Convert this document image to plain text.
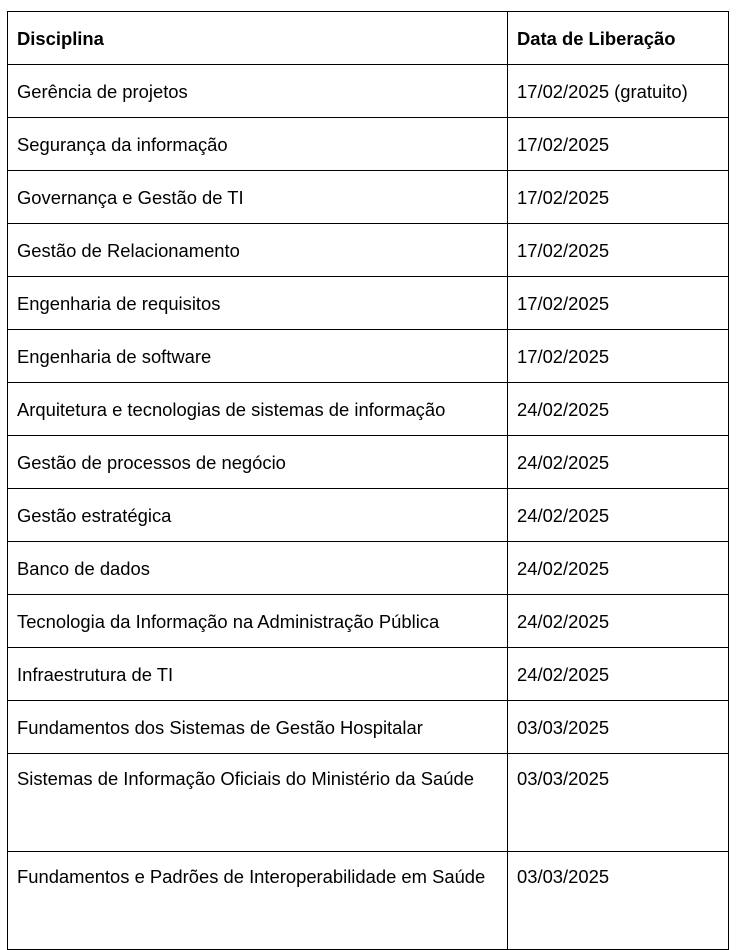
Disciplina	Data de Liberação
Gerência de projetos	17/02/2025 (gratuito)
Segurança da informação	17/02/2025
Governança e Gestão de TI	17/02/2025
Gestão de Relacionamento	17/02/2025
Engenharia de requisitos	17/02/2025
Engenharia de software	17/02/2025
Arquitetura e tecnologias de sistemas de informação	24/02/2025
Gestão de processos de negócio	24/02/2025
Gestão estratégica	24/02/2025
Banco de dados	24/02/2025
Tecnologia da Informação na Administração Pública	24/02/2025
Infraestrutura de TI	24/02/2025
Fundamentos dos Sistemas de Gestão Hospitalar	03/03/2025
Sistemas de Informação Oficiais do Ministério da Saúde	03/03/2025
Fundamentos e Padrões de Interoperabilidade em Saúde	03/03/2025
